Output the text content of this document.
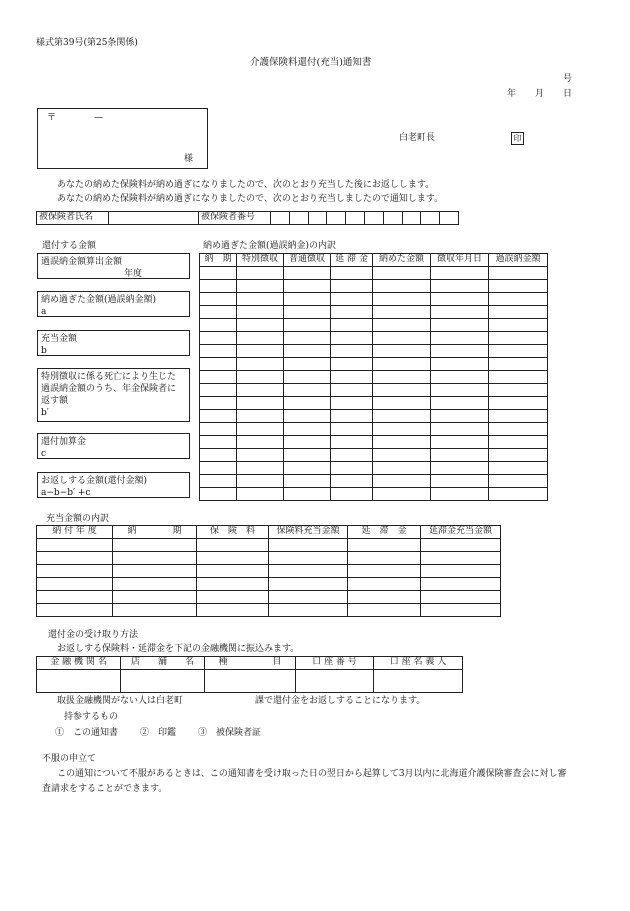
様式第39号(第25条関係)
介護保険料還付(充当)通知書
号
年 月 日
〒	—
様
白老町長	印
あなたの納めた保険料が納め過ぎになりましたので、次のとおり充当した後にお返しします。
あなたの納めた保険料が納め過ぎになりましたので、次のとおり充当しましたので通知します。
被保険者氏名		被保険者番号										
還付する金額	納め過ぎた金額(過誤納金)の内訳
過誤納金額算出金額
年度
納め過ぎた金額(過誤納金額)
a
充当金額
b
特別徴収に係る死亡により生じた
過誤納金額のうち、年金保険者に
返す額
b′
還付加算金
c
お返しする金額(還付金額)
a−b−b′ +c
納　期	特別徴収	普通徴収	延 滞 金	納めた金額	徴収年月日	過誤納金額

充当金額の内訳
納 付 年 度	納　　　　期	保　険　料	保険料充当金額	延　滞　金	延滞金充当金額

還付金の受け取り方法
お返しする保険料・延滞金を下記の金融機関に振込みます。
金 融 機 関 名	店　　舗　　名	種　　　　　目	口 座 番 号	口 座 名 義 人

取扱金融機関がない人は白老町	課で還付金をお返しすることになります。
持参するもの
①　この通知書 ②　印鑑 ③　被保険者証
不服の申立て
この通知について不服があるときは、この通知書を受け取った日の翌日から起算して3月以内に北海道介護保険審査会に対し審
査請求をすることができます。
